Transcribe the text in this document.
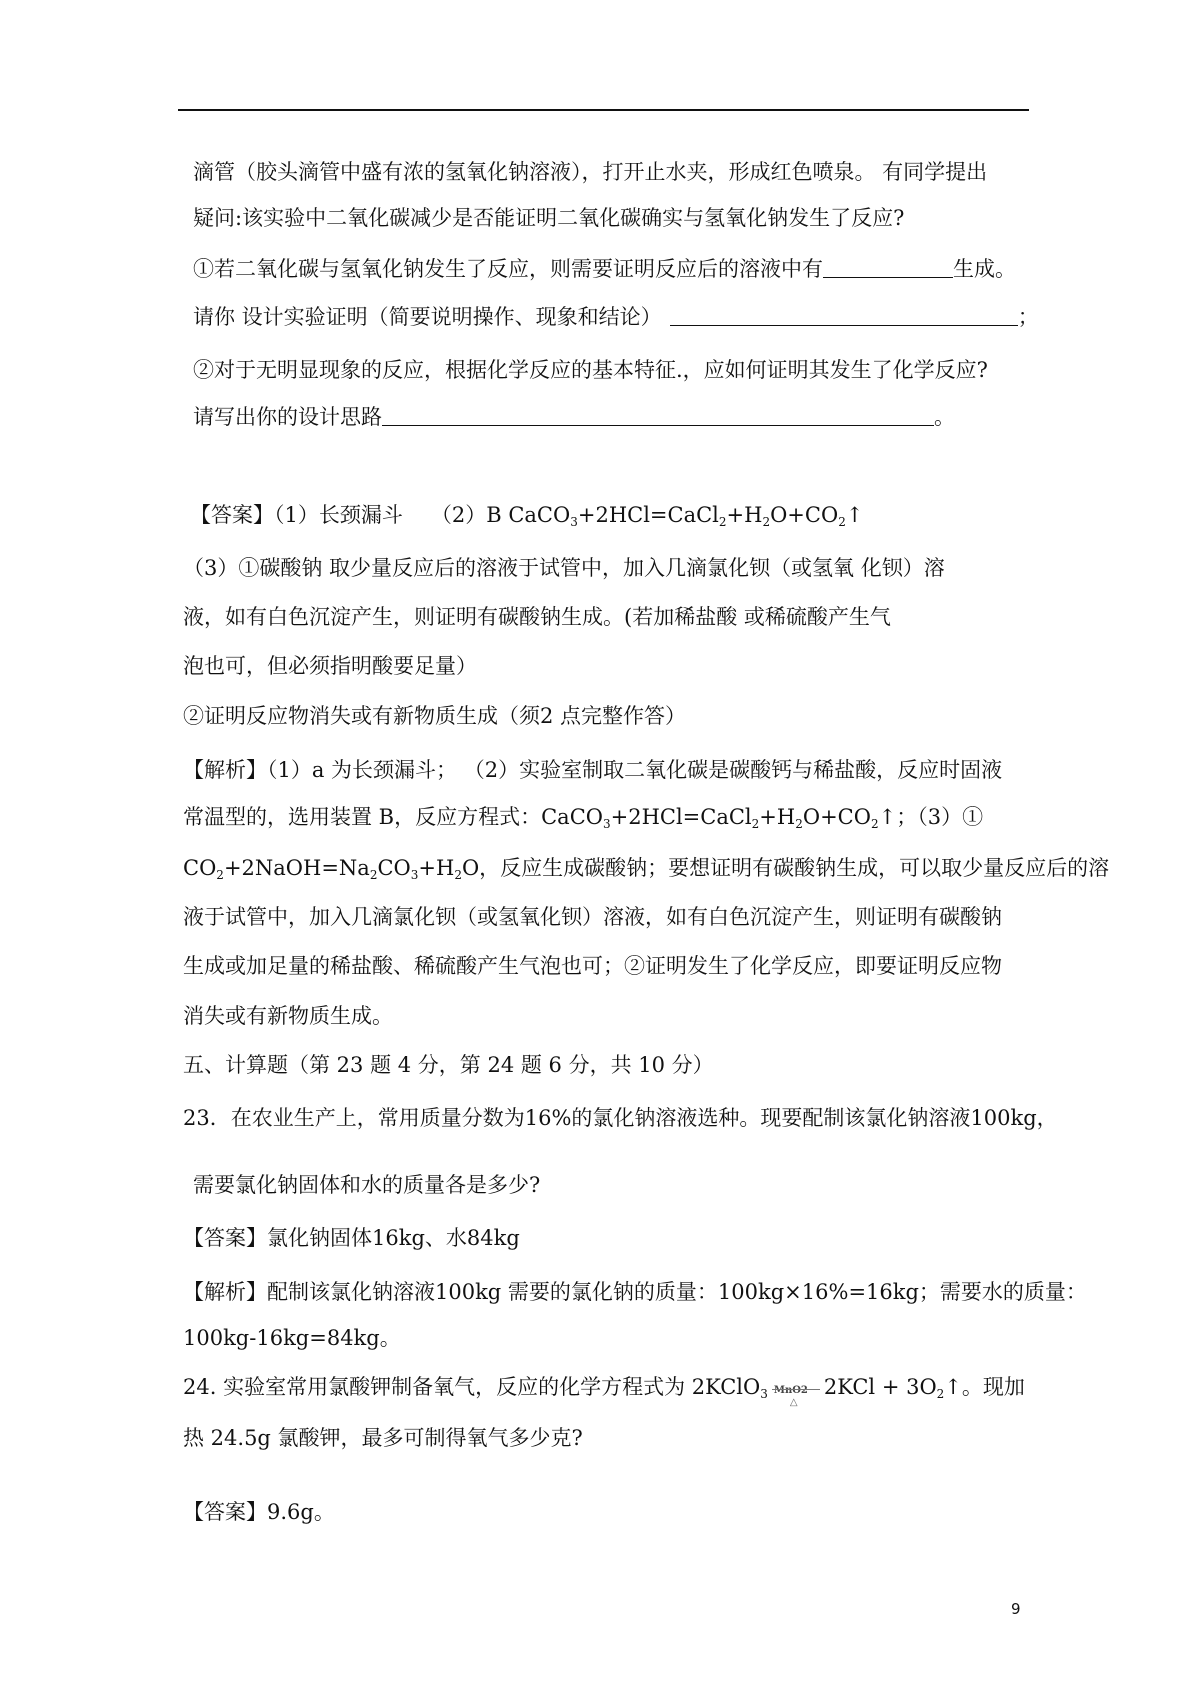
滴管（胶头滴管中盛有浓的氢氧化钠溶液），打开止水夹，形成红色喷泉。 有同学提出
疑问:该实验中二氧化碳减少是否能证明二氧化碳确实与氢氧化钠发生了反应?
①若二氧化碳与氢氧化钠发生了反应，则需要证明反应后的溶液中有	生成。
请你 设计实验证明（简要说明操作、现象和结论）	；
②对于无明显现象的反应，根据化学反应的基本特征.，应如何证明其发生了化学反应?
请写出你的设计思路	。
【答案】（1）长颈漏斗 （2）B $CaCO_3+2HCl=CaCl_2+H_2O+CO_2↑$
（3）①碳酸钠 取少量反应后的溶液于试管中，加入几滴氯化钡（或氢氧 化钡）溶
液，如有白色沉淀产生，则证明有碳酸钠生成。(若加稀盐酸 或稀硫酸产生气
泡也可，但必须指明酸要足量）
②证明反应物消失或有新物质生成（须2 点完整作答）
【解析】（1）a 为长颈漏斗； （2）实验室制取二氧化碳是碳酸钙与稀盐酸，反应时固液
常温型的，选用装置 B，反应方程式：$CaCO_3+2HCl=CaCl_2+H_2O+CO_2↑$；（3）①
$CO_2+2NaOH=Na_2CO_3+H_2O$，反应生成碳酸钠；要想证明有碳酸钠生成，可以取少量反应后的溶
液于试管中，加入几滴氯化钡（或氢氧化钡）溶液，如有白色沉淀产生，则证明有碳酸钠
生成或加足量的稀盐酸、稀硫酸产生气泡也可；②证明发生了化学反应，即要证明反应物
消失或有新物质生成。
五、计算题（第 23 题 4 分，第 24 题 6 分，共 10 分）
23．在农业生产上，常用质量分数为16%的氯化钠溶液选种。现要配制该氯化钠溶液100kg，
需要氯化钠固体和水的质量各是多少?
【答案】氯化钠固体16kg、水84kg
【解析】配制该氯化钠溶液100kg 需要的氯化钠的质量：100kg×16%=16kg；需要水的质量：
100kg-16kg=84kg。
24. 实验室常用氯酸钾制备氧气，反应的化学方程式为 2KClO$_3$ MnO2
△
$2KCl + 3O_2↑$。现加
热 24.5g 氯酸钾，最多可制得氧气多少克?
【答案】9.6g。
9
